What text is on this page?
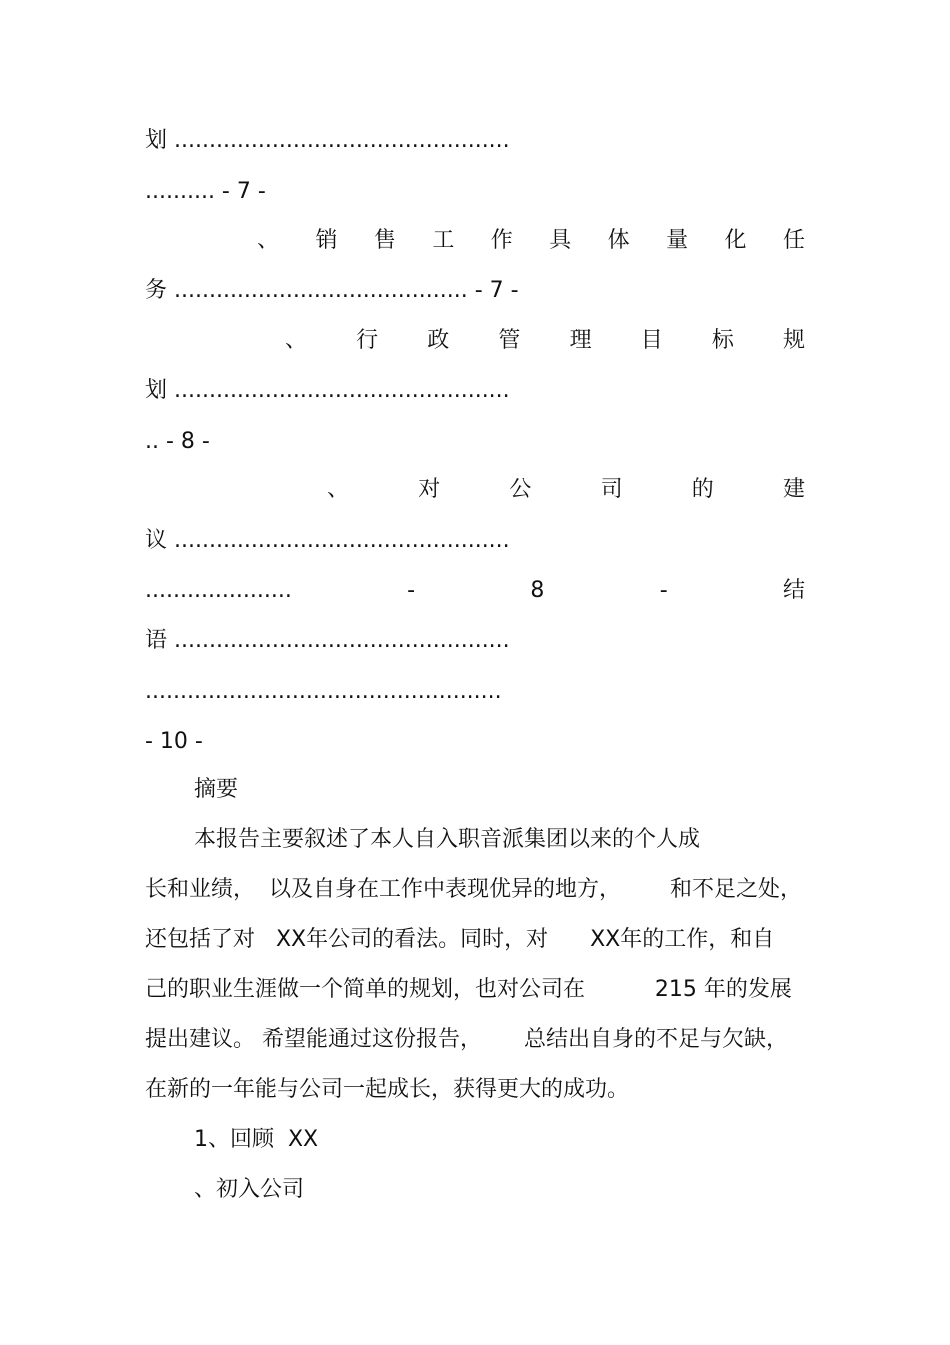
划 ................................................
.......... - 7 -
、 销 售 工 作 具 体 量 化 任
务 .......................................... - 7 -
、 行 政 管 理 目 标 规
划 ................................................
.. - 8 -
、	对	公	司	的	建
议 ................................................
.....................	-	8	-	结
语 ................................................
...................................................
- 10 -
摘要
本报告主要叙述了本人自入职音派集团以来的个人成
长和业绩，  以及自身在工作中表现优异的地方，       和不足之处，
还包括了对   XX年公司的看法。同时，对      XX年的工作，和自
己的职业生涯做一个简单的规划，也对公司在          215 年的发展
提出建议。 希望能通过这份报告，      总结出自身的不足与欠缺，
在新的一年能与公司一起成长，获得更大的成功。
1、回顾  XX
、初入公司
